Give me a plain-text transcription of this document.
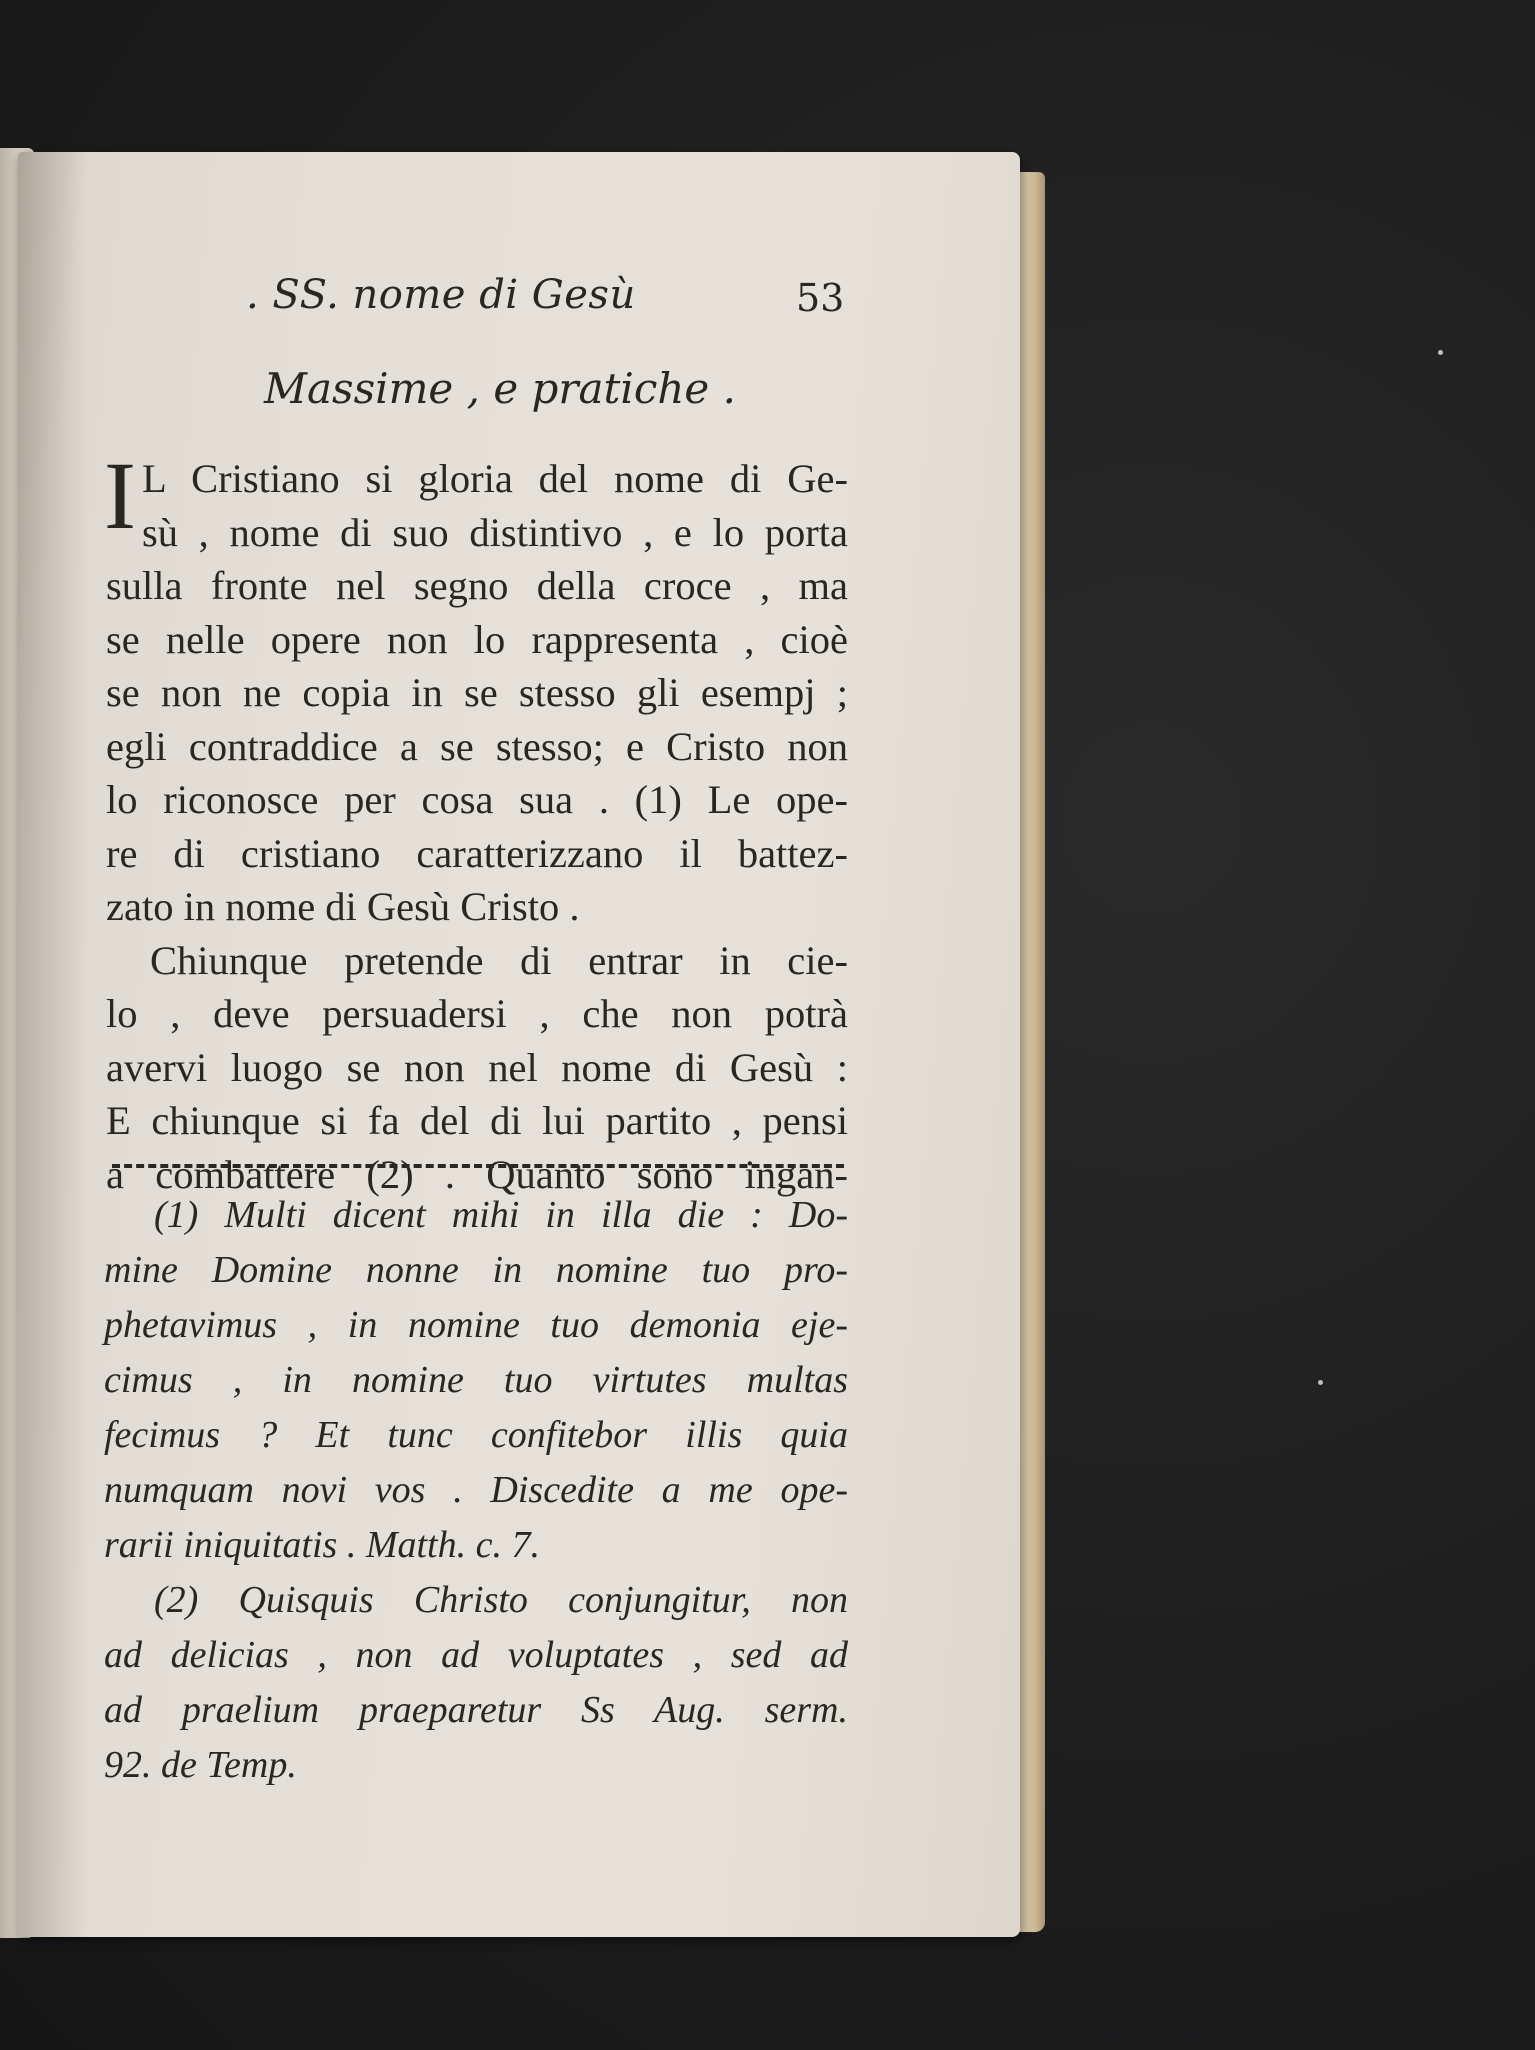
. SS. nome di Gesù	53
Massime , e pratiche .
I L Cristiano si gloria del nome di Ge-
sù , nome di suo distintivo , e lo porta
sulla fronte nel segno della croce , ma
se nelle opere non lo rappresenta , cioè
se non ne copia in se stesso gli esempj ;
egli contraddice a se stesso; e Cristo non
lo riconosce per cosa sua . (1) Le ope-
re di cristiano caratterizzano il battez-
zato in nome di Gesù Cristo .
Chiunque pretende di entrar in cie-
lo , deve persuadersi , che non potrà
avervi luogo se non nel nome di Gesù :
E chiunque si fa del di lui partito , pensi
a combattere (2) . Quanto sono ingan-
(1) Multi dicent mihi in illa die : Do-
mine Domine nonne in nomine tuo pro-
phetavimus , in nomine tuo demonia eje-
cimus , in nomine tuo virtutes multas
fecimus ? Et tunc confitebor illis quia
numquam novi vos . Discedite a me ope-
rarii iniquitatis . Matth. c. 7.
(2) Quisquis Christo conjungitur, non
ad delicias , non ad voluptates , sed ad
ad praelium praeparetur Ss Aug. serm.
92. de Temp.
